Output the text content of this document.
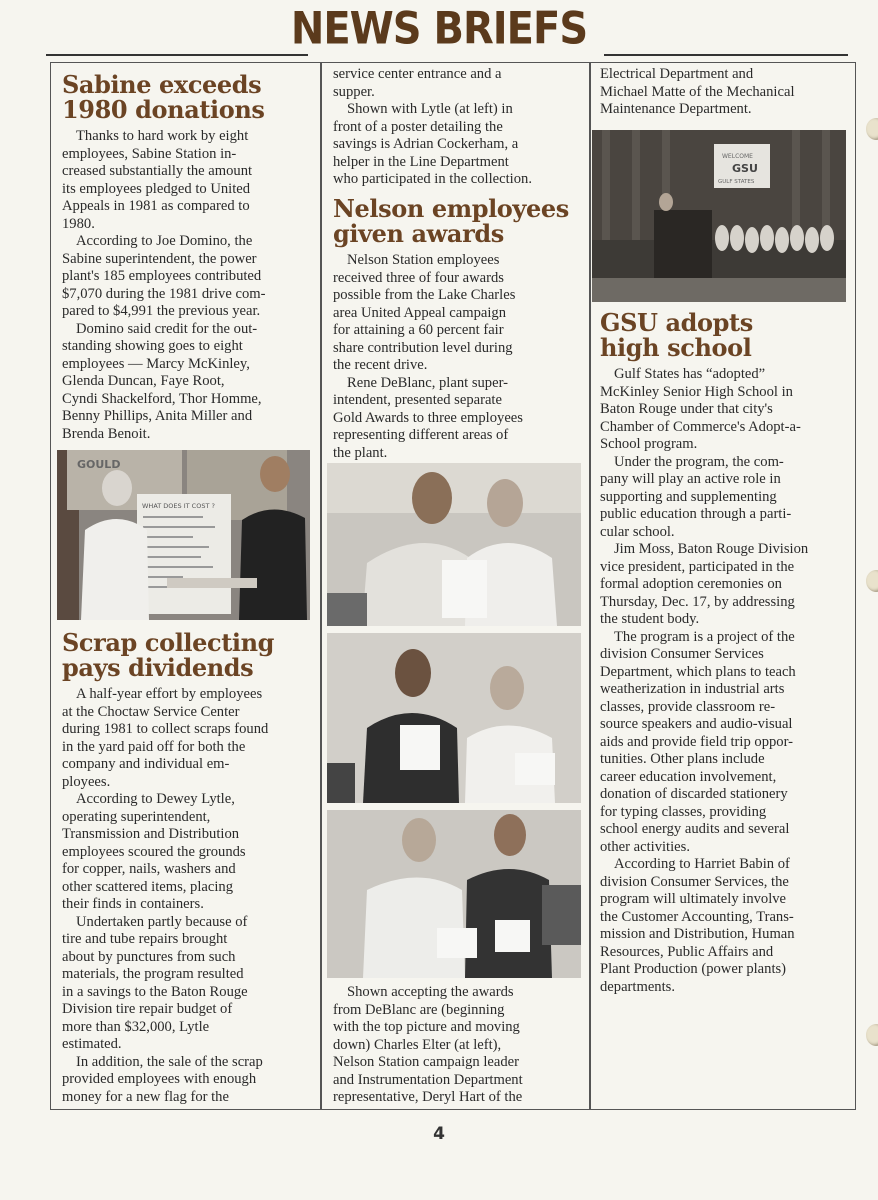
NEWS BRIEFS
Sabine exceeds
1980 donations
Thanks to hard work by eight
employees, Sabine Station in-
creased substantially the amount
its employees pledged to United
Appeals in 1981 as compared to
1980.
According to Joe Domino, the
Sabine superintendent, the power
plant's 185 employees contributed
$7,070 during the 1981 drive com-
pared to $4,991 the previous year.
Domino said credit for the out-
standing showing goes to eight
employees — Marcy McKinley,
Glenda Duncan, Faye Root,
Cyndi Shackelford, Thor Homme,
Benny Phillips, Anita Miller and
Brenda Benoit.
GOULD
WHAT DOES IT COST ?
Scrap collecting
pays dividends
A half-year effort by employees
at the Choctaw Service Center
during 1981 to collect scraps found
in the yard paid off for both the
company and individual em-
ployees.
According to Dewey Lytle,
operating superintendent,
Transmission and Distribution
employees scoured the grounds
for copper, nails, washers and
other scattered items, placing
their finds in containers.
Undertaken partly because of
tire and tube repairs brought
about by punctures from such
materials, the program resulted
in a savings to the Baton Rouge
Division tire repair budget of
more than $32,000, Lytle
estimated.
In addition, the sale of the scrap
provided employees with enough
money for a new flag for the
service center entrance and a
supper.
Shown with Lytle (at left) in
front of a poster detailing the
savings is Adrian Cockerham, a
helper in the Line Department
who participated in the collection.
Nelson employees
given awards
Nelson Station employees
received three of four awards
possible from the Lake Charles
area United Appeal campaign
for attaining a 60 percent fair
share contribution level during
the recent drive.
Rene DeBlanc, plant super-
intendent, presented separate
Gold Awards to three employees
representing different areas of
the plant.
Shown accepting the awards
from DeBlanc are (beginning
with the top picture and moving
down) Charles Elter (at left),
Nelson Station campaign leader
and Instrumentation Department
representative, Deryl Hart of the
Electrical Department and
Michael Matte of the Mechanical
Maintenance Department.
WELCOME
GSU
GULF STATES
GSU adopts
high school
Gulf States has “adopted”
McKinley Senior High School in
Baton Rouge under that city's
Chamber of Commerce's Adopt-a-
School program.
Under the program, the com-
pany will play an active role in
supporting and supplementing
public education through a parti-
cular school.
Jim Moss, Baton Rouge Division
vice president, participated in the
formal adoption ceremonies on
Thursday, Dec. 17, by addressing
the student body.
The program is a project of the
division Consumer Services
Department, which plans to teach
weatherization in industrial arts
classes, provide classroom re-
source speakers and audio-visual
aids and provide field trip oppor-
tunities. Other plans include
career education involvement,
donation of discarded stationery
for typing classes, providing
school energy audits and several
other activities.
According to Harriet Babin of
division Consumer Services, the
program will ultimately involve
the Customer Accounting, Trans-
mission and Distribution, Human
Resources, Public Affairs and
Plant Production (power plants)
departments.
4
